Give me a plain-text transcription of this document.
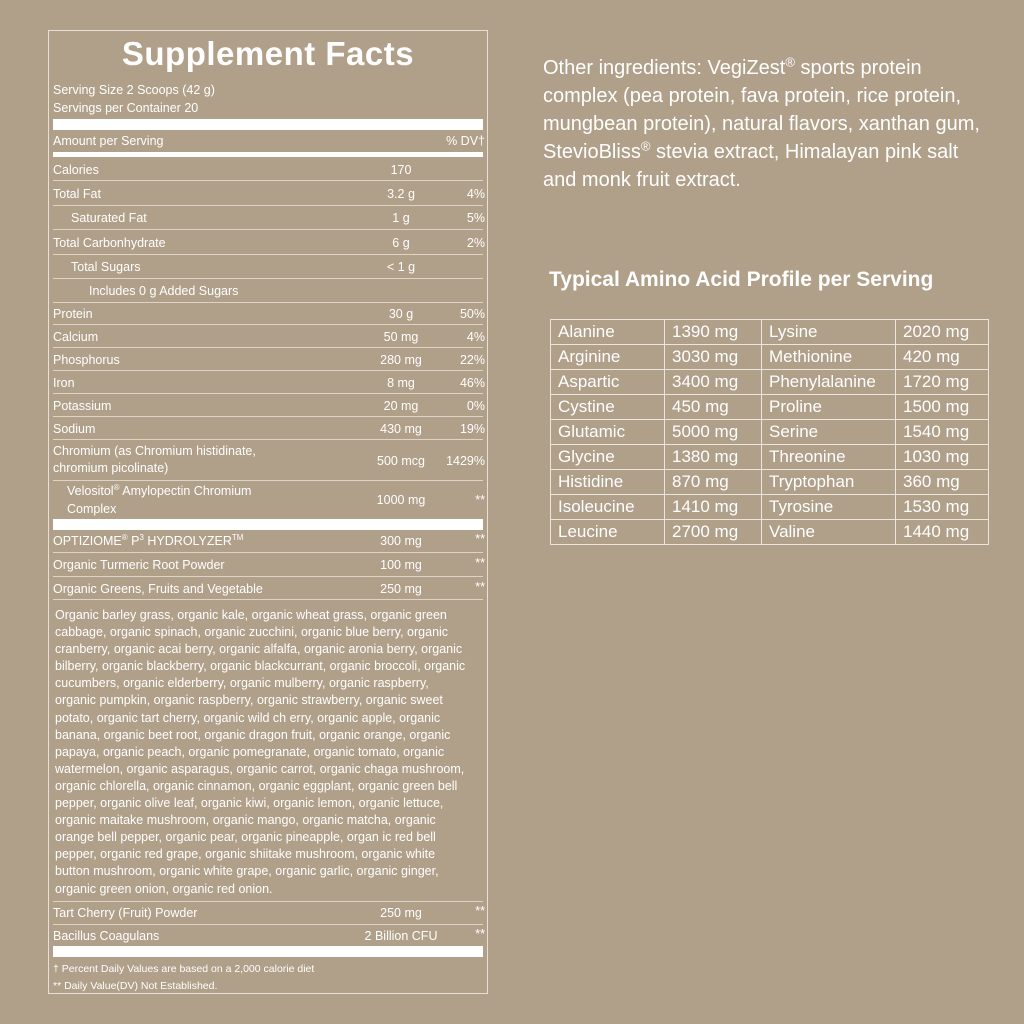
Supplement Facts
Serving Size 2 Scoops (42 g)
Servings per Container 20
Amount per Serving	% DV†
Calories	170
Total Fat	3.2 g	4%
Saturated Fat	1 g	5%
Total Carbonhydrate	6 g	2%
Total Sugars	< 1 g
Includes 0 g Added Sugars
Protein	30 g	50%
Calcium	50 mg	4%
Phosphorus	280 mg	22%
Iron	8 mg	46%
Potassium	20 mg	0%
Sodium	430 mg	19%
Chromium (as Chromium histidinate,
chromium picolinate)	500 mcg	1429%
Velositol® Amylopectin Chromium
Complex
1000 mg	**
OPTIZIOME® $P^3$ HYDROLYZER™	300 mg	**
Organic Turmeric Root Powder	100 mg	**
Organic Greens, Fruits and Vegetable	250 mg	**
Organic barley grass, organic kale, organic wheat grass, organic green cabbage, organic spinach, organic zucchini, organic blue berry, organic cranberry, organic acai berry, organic alfalfa, organic aronia berry, organic bilberry, organic blackberry, organic blackcurrant, organic broccoli, organic cucumbers, organic elderberry, organic mulberry, organic raspberry, organic pumpkin, organic raspberry, organic strawberry, organic sweet potato, organic tart cherry, organic wild ch erry, organic apple, organic banana, organic beet root, organic dragon fruit, organic orange, organic papaya, organic peach, organic pomegranate, organic tomato, organic watermelon, organic asparagus, organic carrot, organic chaga mushroom, organic chlorella, organic cinnamon, organic eggplant, organic green bell pepper, organic olive leaf, organic kiwi, organic lemon, organic lettuce, organic maitake mushroom, organic mango, organic matcha, organic orange bell pepper, organic pear, organic pineapple, organ ic red bell pepper, organic red grape, organic shiitake mushroom, organic white button mushroom, organic white grape, organic garlic, organic ginger, organic green onion, organic red onion.
Tart Cherry (Fruit) Powder	250 mg	**
Bacillus Coagulans	2 Billion CFU	**
† Percent Daily Values are based on a 2,000 calorie diet
** Daily Value(DV) Not Established.
Other ingredients: VegiZest® sports protein complex (pea protein, fava protein, rice protein, mungbean protein), natural flavors, xanthan gum, StevioBliss® stevia extract, Himalayan pink salt and monk fruit extract.
Typical Amino Acid Profile per Serving
Alanine	1390 mg	Lysine	2020 mg
Arginine	3030 mg	Methionine	420 mg
Aspartic	3400 mg	Phenylalanine	1720 mg
Cystine	450 mg	Proline	1500 mg
Glutamic	5000 mg	Serine	1540 mg
Glycine	1380 mg	Threonine	1030 mg
Histidine	870 mg	Tryptophan	360 mg
Isoleucine	1410 mg	Tyrosine	1530 mg
Leucine	2700 mg	Valine	1440 mg
